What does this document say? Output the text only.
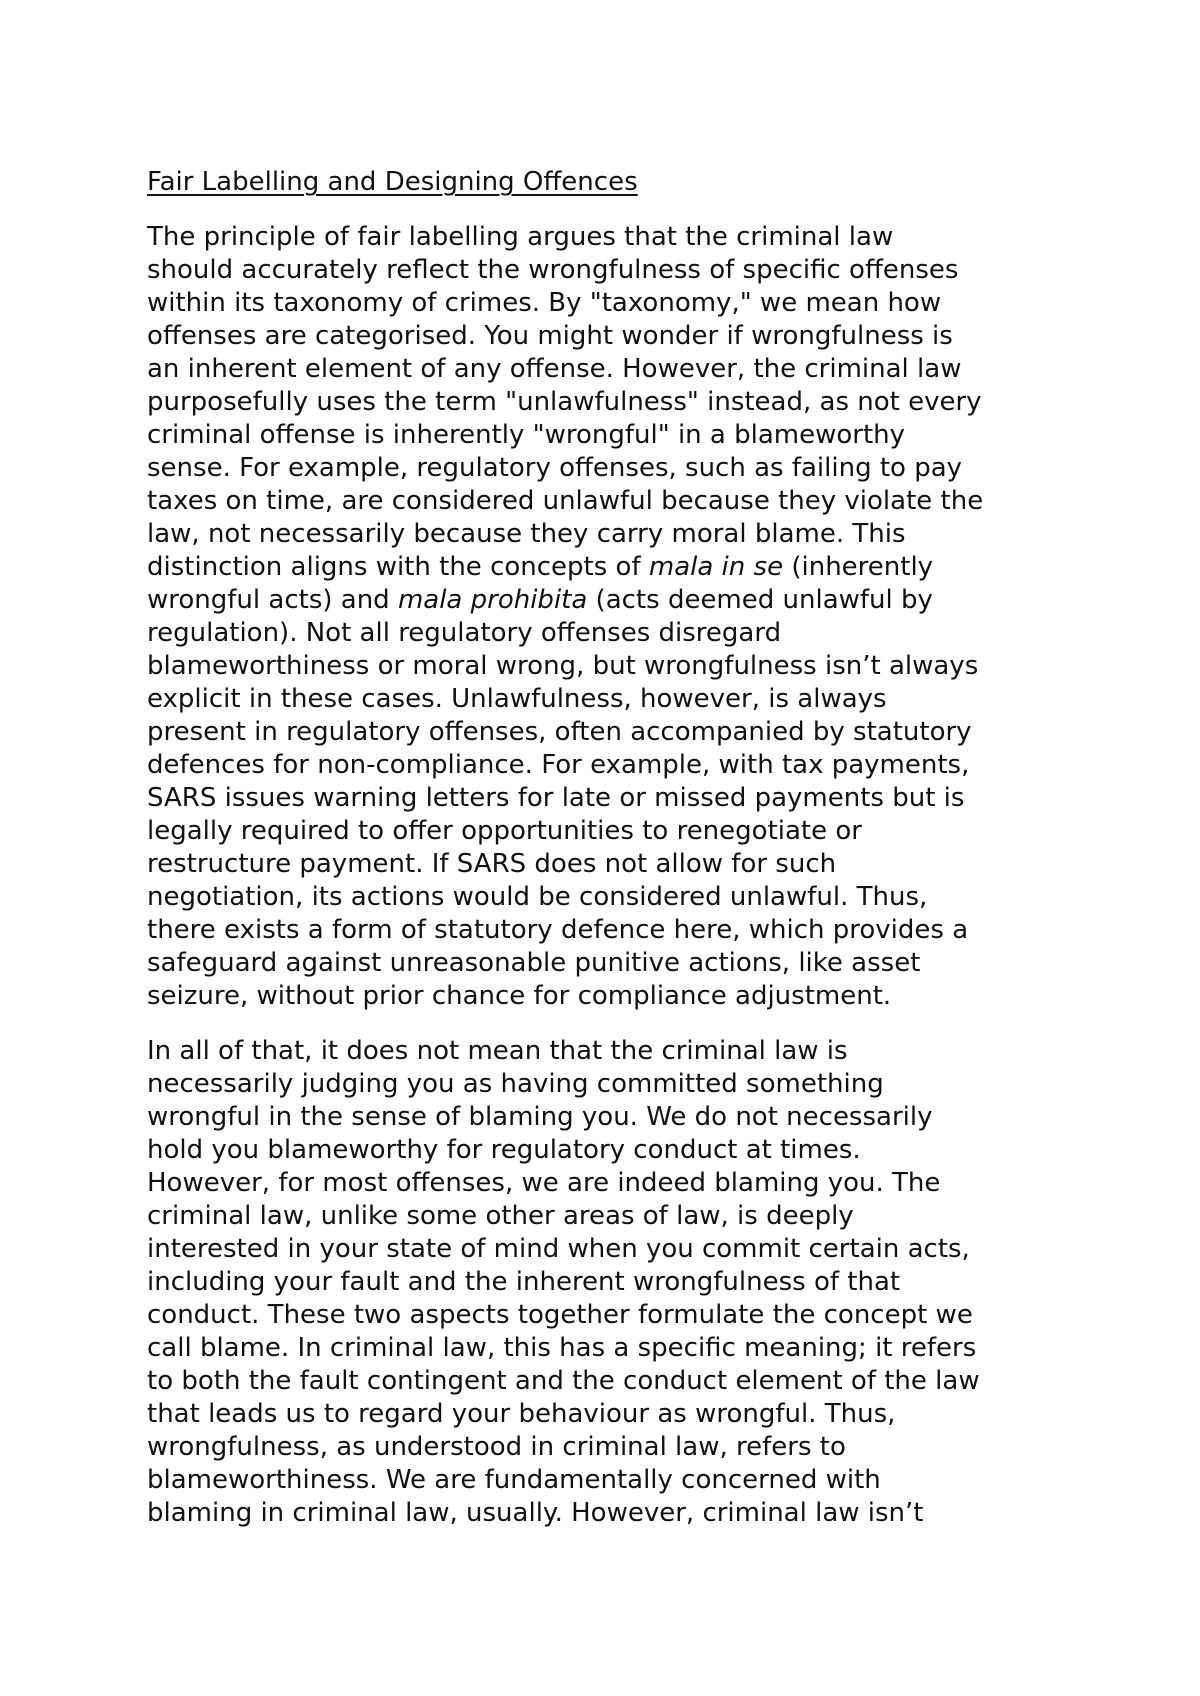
Fair Labelling and Designing Offences

The principle of fair labelling argues that the criminal law
should accurately reflect the wrongfulness of specific offenses
within its taxonomy of crimes. By "taxonomy," we mean how
offenses are categorised. You might wonder if wrongfulness is
an inherent element of any offense. However, the criminal law
purposefully uses the term "unlawfulness" instead, as not every
criminal offense is inherently "wrongful" in a blameworthy
sense. For example, regulatory offenses, such as failing to pay
taxes on time, are considered unlawful because they violate the
law, not necessarily because they carry moral blame. This
distinction aligns with the concepts of mala in se (inherently
wrongful acts) and mala prohibita (acts deemed unlawful by
regulation). Not all regulatory offenses disregard
blameworthiness or moral wrong, but wrongfulness isn’t always
explicit in these cases. Unlawfulness, however, is always
present in regulatory offenses, often accompanied by statutory
defences for non-compliance. For example, with tax payments,
SARS issues warning letters for late or missed payments but is
legally required to offer opportunities to renegotiate or
restructure payment. If SARS does not allow for such
negotiation, its actions would be considered unlawful. Thus,
there exists a form of statutory defence here, which provides a
safeguard against unreasonable punitive actions, like asset
seizure, without prior chance for compliance adjustment.

In all of that, it does not mean that the criminal law is
necessarily judging you as having committed something
wrongful in the sense of blaming you. We do not necessarily
hold you blameworthy for regulatory conduct at times.
However, for most offenses, we are indeed blaming you. The
criminal law, unlike some other areas of law, is deeply
interested in your state of mind when you commit certain acts,
including your fault and the inherent wrongfulness of that
conduct. These two aspects together formulate the concept we
call blame. In criminal law, this has a specific meaning; it refers
to both the fault contingent and the conduct element of the law
that leads us to regard your behaviour as wrongful. Thus,
wrongfulness, as understood in criminal law, refers to
blameworthiness. We are fundamentally concerned with
blaming in criminal law, usually. However, criminal law isn’t
